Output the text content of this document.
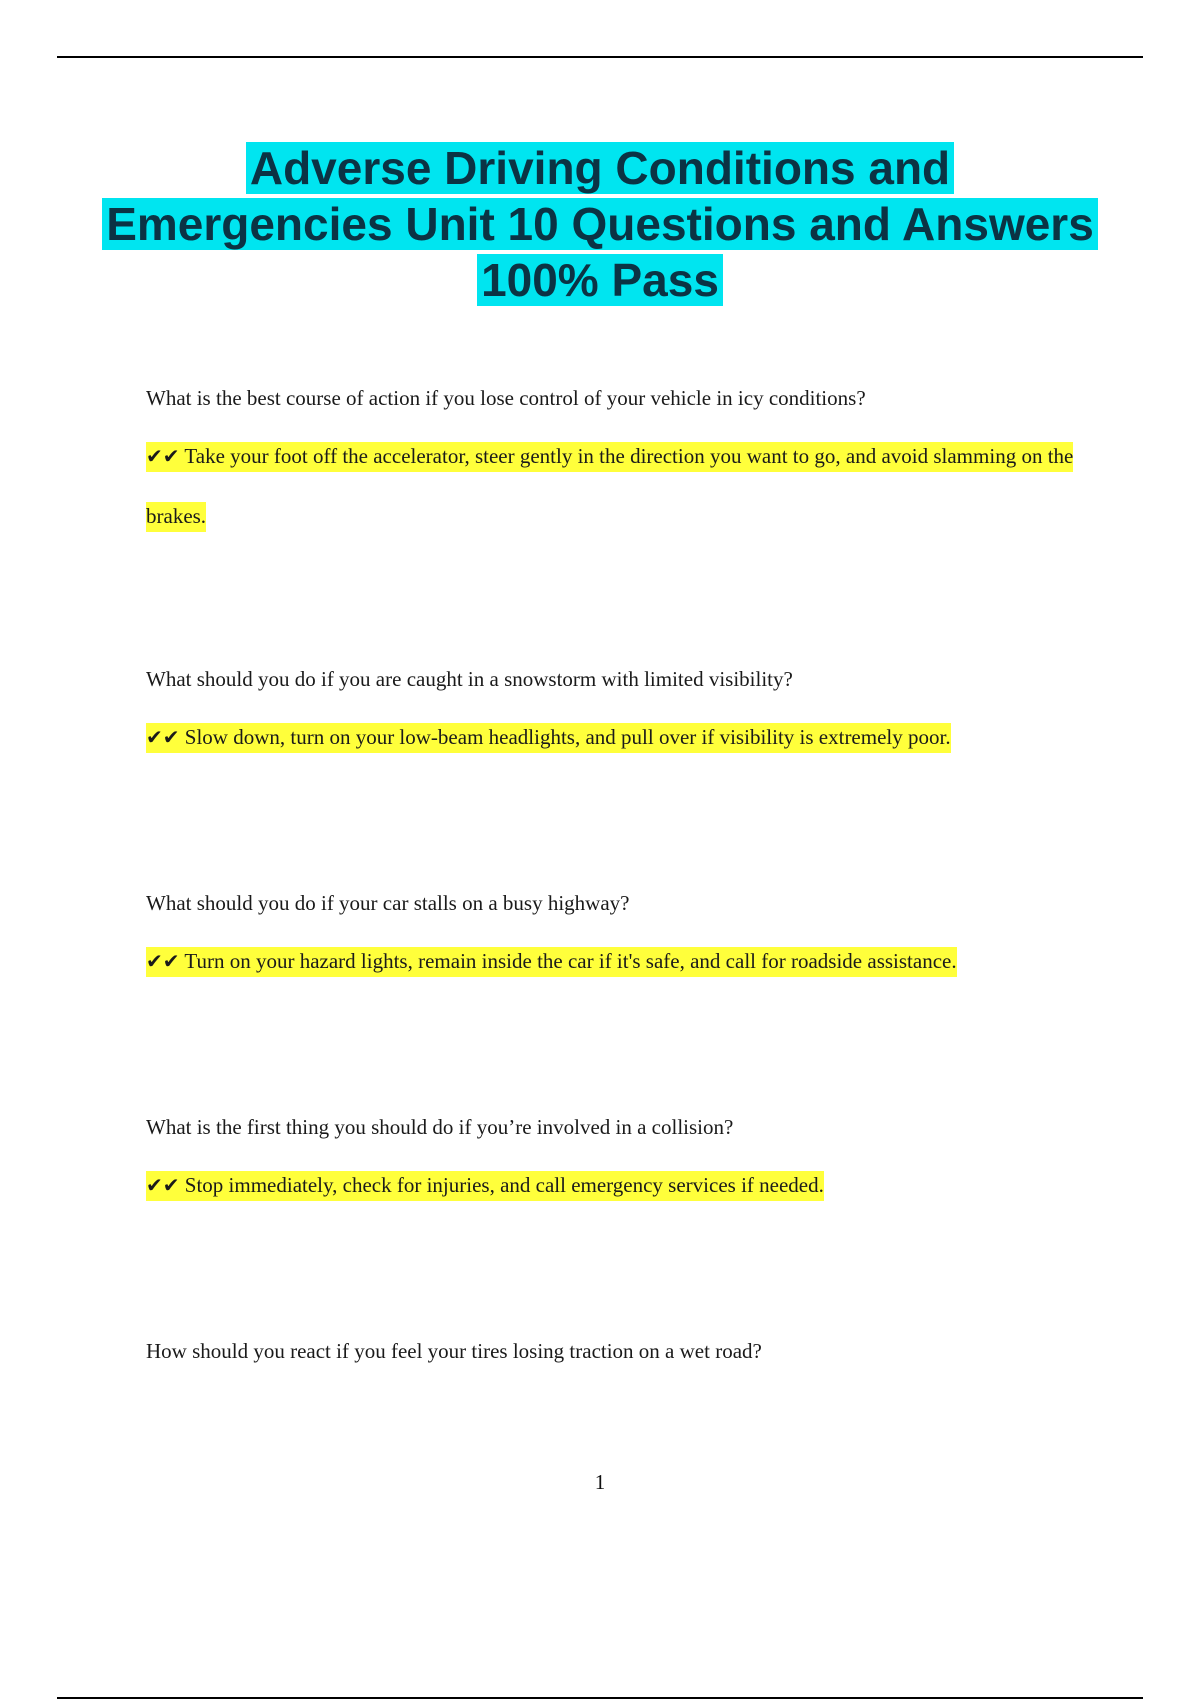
Adverse Driving Conditions and Emergencies Unit 10 Questions and Answers 100% Pass

What is the best course of action if you lose control of your vehicle in icy conditions?

✔✔ Take your foot off the accelerator, steer gently in the direction you want to go, and avoid slamming on the brakes.

What should you do if you are caught in a snowstorm with limited visibility?

✔✔ Slow down, turn on your low-beam headlights, and pull over if visibility is extremely poor.

What should you do if your car stalls on a busy highway?

✔✔ Turn on your hazard lights, remain inside the car if it's safe, and call for roadside assistance.

What is the first thing you should do if you’re involved in a collision?

✔✔ Stop immediately, check for injuries, and call emergency services if needed.

How should you react if you feel your tires losing traction on a wet road?

1
